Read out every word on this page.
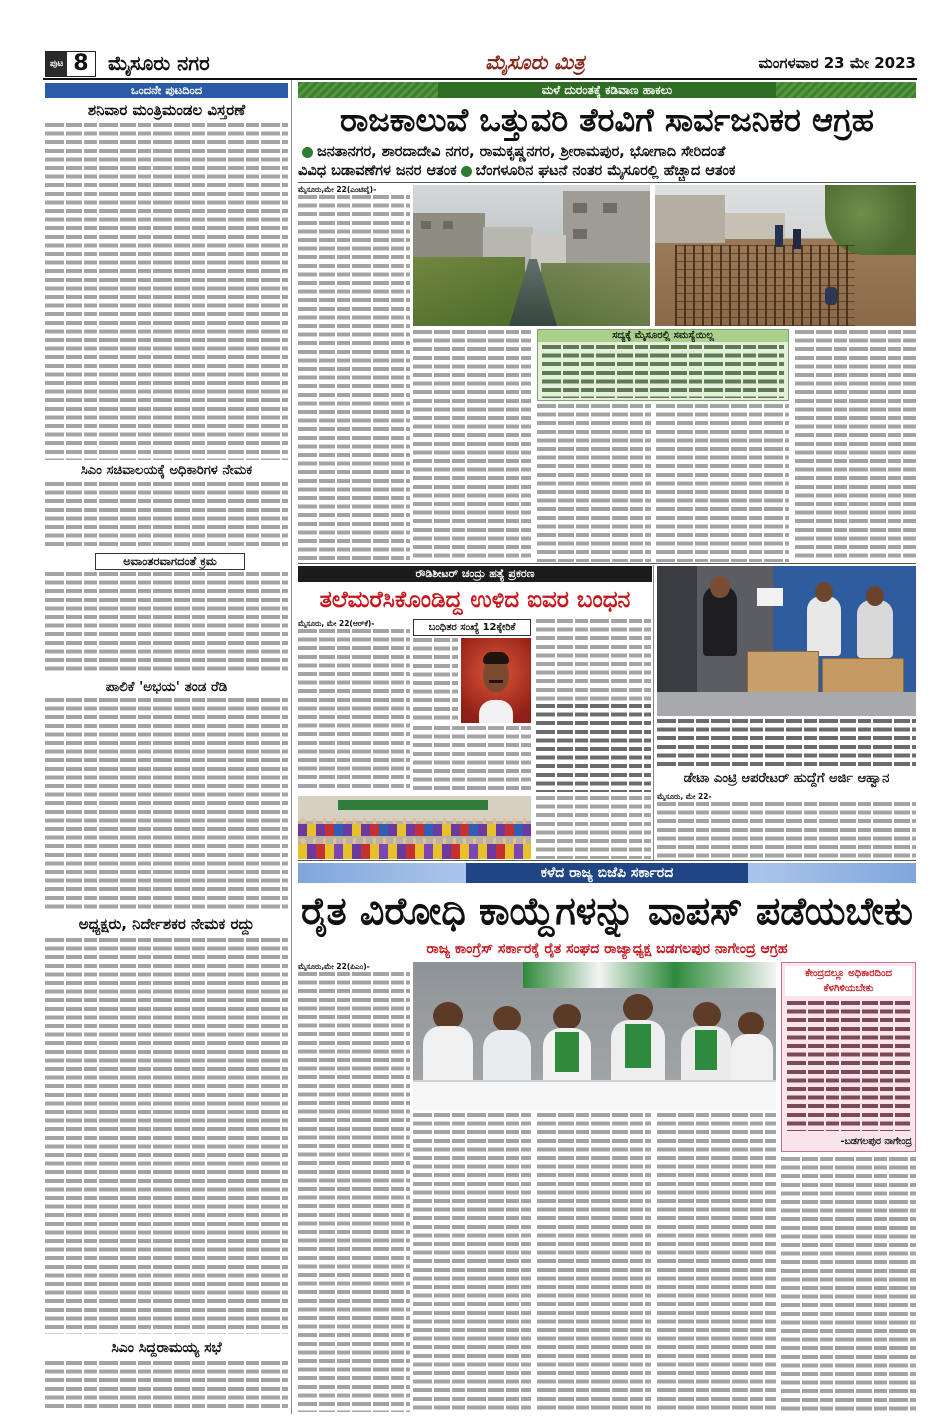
ಪುಟ 8 ಮೈಸೂರು ನಗರ	ಮೈಸೂರು ಮಿತ್ರ	ಮಂಗಳವಾರ 23 ಮೇ 2023
ಒಂದನೇ ಪುಟದಿಂದ
ಶನಿವಾರ ಮಂತ್ರಿಮಂಡಲ ವಿಸ್ತರಣೆ
ಸಿಎಂ ಸಚಿವಾಲಯಕ್ಕೆ ಅಧಿಕಾರಿಗಳ ನೇಮಕ
ಅವಾಂತರವಾಗದಂತೆ ಕ್ರಮ
ಪಾಲಿಕೆ 'ಅಭಯ' ತಂಡ ರೆಡಿ
ಅಧ್ಯಕ್ಷರು, ನಿರ್ದೇಶಕರ ನೇಮಕ ರದ್ದು
ಸಿಎಂ ಸಿದ್ದರಾಮಯ್ಯ ಸಭೆ
ಮಳೆ ದುರಂತಕ್ಕೆ ಕಡಿವಾಣ ಹಾಕಲು
ರಾಜಕಾಲುವೆ ಒತ್ತುವರಿ ತೆರವಿಗೆ ಸಾರ್ವಜನಿಕರ ಆಗ್ರಹ
ಜನತಾನಗರ, ಶಾರದಾದೇವಿ ನಗರ, ರಾಮಕೃಷ್ಣನಗರ, ಶ್ರೀರಾಮಪುರ, ಭೋಗಾದಿ ಸೇರಿದಂತೆ
ವಿವಿಧ ಬಡಾವಣೆಗಳ ಜನರ ಆತಂಕ ಬೆಂಗಳೂರಿನ ಘಟನೆ ನಂತರ ಮೈಸೂರಲ್ಲಿ ಹೆಚ್ಚಾದ ಆತಂಕ
ಮೈಸೂರು,ಮೇ 22(ಎಂಟಿವೈ)-
ಸದ್ಯಕ್ಕೆ ಮೈಸೂರಲ್ಲಿ ಸಮಸ್ಯೆಯಿಲ್ಲ
ರೌಡಿಶೀಟರ್ ಚಂದ್ರು ಹತ್ಯೆ ಪ್ರಕರಣ
ತಲೆಮರೆಸಿಕೊಂಡಿದ್ದ ಉಳಿದ ಐವರ ಬಂಧನ
ಮೈಸೂರು, ಮೇ 22(ಆರ್‌ಕೆ)-	ಬಂಧಿತರ ಸಂಖ್ಯೆ 12ಕ್ಕೇರಿಕೆ
ಡೇಟಾ ಎಂಟ್ರಿ ಆಪರೇಟರ್ ಹುದ್ದೆಗೆ ಅರ್ಜಿ ಆಹ್ವಾನ
ಮೈಸೂರು, ಮೇ 22-
ಕಳೆದ ರಾಜ್ಯ ಬಿಜೆಪಿ ಸರ್ಕಾರದ
ರೈತ ವಿರೋಧಿ ಕಾಯ್ದೆಗಳನ್ನು ವಾಪಸ್ ಪಡೆಯಬೇಕು
ರಾಜ್ಯ ಕಾಂಗ್ರೆಸ್ ಸರ್ಕಾರಕ್ಕೆ ರೈತ ಸಂಘದ ರಾಜ್ಯಾಧ್ಯಕ್ಷ ಬಡಗಲಪುರ ನಾಗೇಂದ್ರ ಆಗ್ರಹ
ಮೈಸೂರು,ಮೇ 22(ಪಿಎಂ)-
ಕೇಂದ್ರದಲ್ಲೂ ಅಧಿಕಾರದಿಂದ ಕೆಳಗಿಳಿಯಬೇಕು
-ಬಡಗಲಪುರ ನಾಗೇಂದ್ರ
